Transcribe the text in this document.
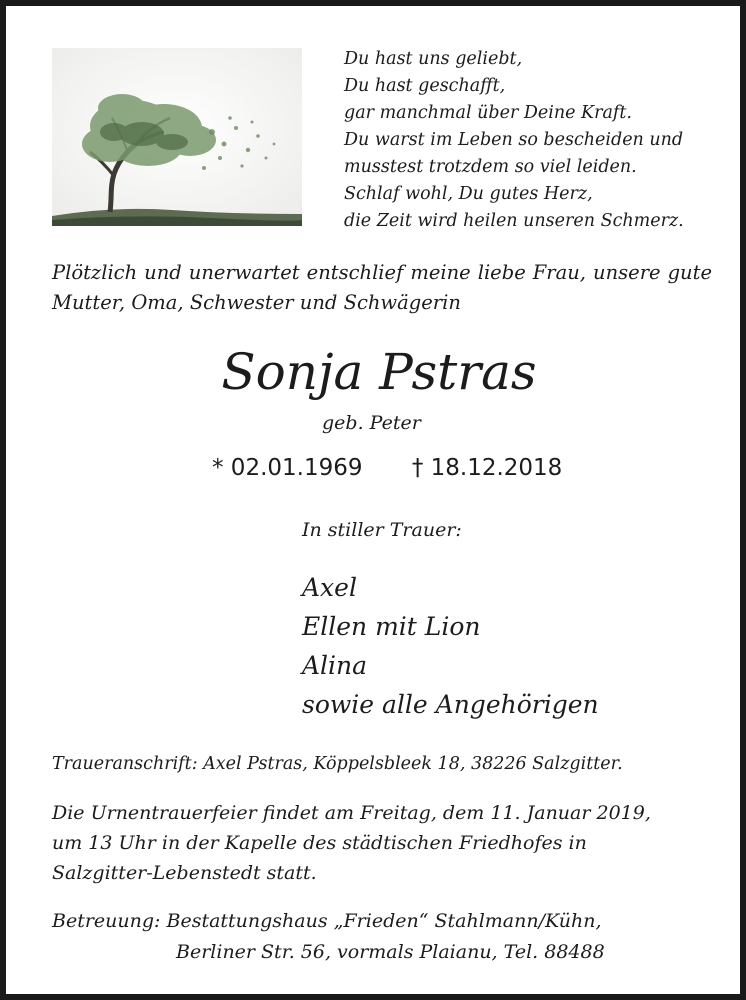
Du hast uns geliebt,
Du hast geschafft,
gar manchmal über Deine Kraft.
Du warst im Leben so bescheiden und
musstest trotzdem so viel leiden.
Schlaf wohl, Du gutes Herz,
die Zeit wird heilen unseren Schmerz.
Plötzlich und unerwartet entschlief meine liebe Frau, unsere gute Mutter, Oma, Schwester und Schwägerin
Sonja Pstras
geb. Peter
* 02.01.1969 † 18.12.2018
In stiller Trauer:
Axel
Ellen mit Lion
Alina
sowie alle Angehörigen
Traueranschrift: Axel Pstras, Köppelsbleek 18, 38226 Salzgitter.
Die Urnentrauerfeier findet am Freitag, dem 11. Januar 2019,
um 13 Uhr in der Kapelle des städtischen Friedhofes in
Salzgitter-Lebenstedt statt.
Betreuung: Bestattungshaus „Frieden“ Stahlmann/Kühn,
Berliner Str. 56, vormals Plaianu, Tel. 88488
